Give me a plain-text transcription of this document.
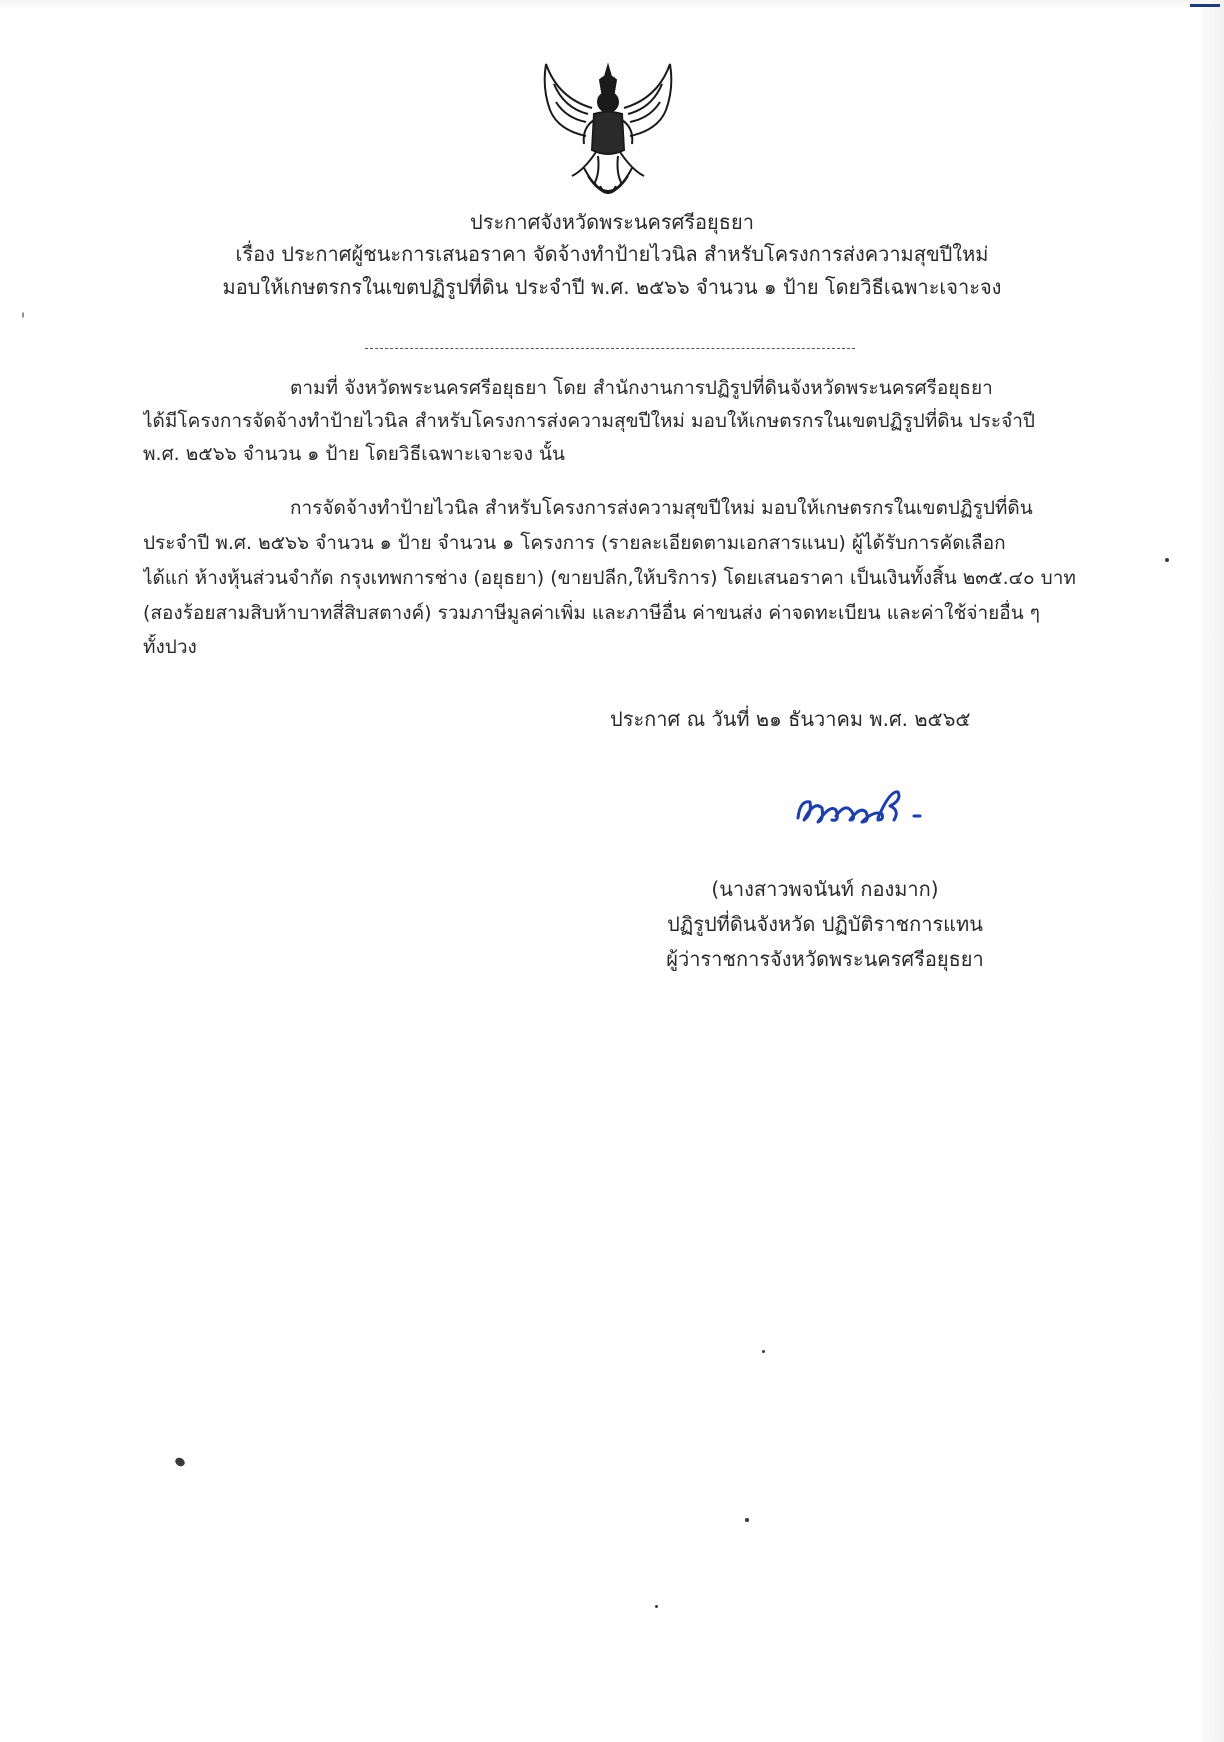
ประกาศจังหวัดพระนครศรีอยุธยา
เรื่อง ประกาศผู้ชนะการเสนอราคา จัดจ้างทำป้ายไวนิล สำหรับโครงการส่งความสุขปีใหม่
มอบให้เกษตรกรในเขตปฏิรูปที่ดิน ประจำปี พ.ศ. ๒๕๖๖ จำนวน ๑ ป้าย โดยวิธีเฉพาะเจาะจง
ตามที่ จังหวัดพระนครศรีอยุธยา โดย สำนักงานการปฏิรูปที่ดินจังหวัดพระนครศรีอยุธยา
ได้มีโครงการจัดจ้างทำป้ายไวนิล สำหรับโครงการส่งความสุขปีใหม่ มอบให้เกษตรกรในเขตปฏิรูปที่ดิน ประจำปี
พ.ศ. ๒๕๖๖ จำนวน ๑ ป้าย โดยวิธีเฉพาะเจาะจง นั้น
การจัดจ้างทำป้ายไวนิล สำหรับโครงการส่งความสุขปีใหม่ มอบให้เกษตรกรในเขตปฏิรูปที่ดิน
ประจำปี พ.ศ. ๒๕๖๖ จำนวน ๑ ป้าย จำนวน ๑ โครงการ (รายละเอียดตามเอกสารแนบ) ผู้ได้รับการคัดเลือก
ได้แก่ ห้างหุ้นส่วนจำกัด กรุงเทพการช่าง (อยุธยา) (ขายปลีก,ให้บริการ) โดยเสนอราคา เป็นเงินทั้งสิ้น ๒๓๕.๔๐ บาท
(สองร้อยสามสิบห้าบาทสี่สิบสตางค์) รวมภาษีมูลค่าเพิ่ม และภาษีอื่น ค่าขนส่ง ค่าจดทะเบียน และค่าใช้จ่ายอื่น ๆ
ทั้งปวง
ประกาศ ณ วันที่ ๒๑ ธันวาคม พ.ศ. ๒๕๖๕
(นางสาวพจนันท์ กองมาก)
ปฏิรูปที่ดินจังหวัด ปฏิบัติราชการแทน
ผู้ว่าราชการจังหวัดพระนครศรีอยุธยา
